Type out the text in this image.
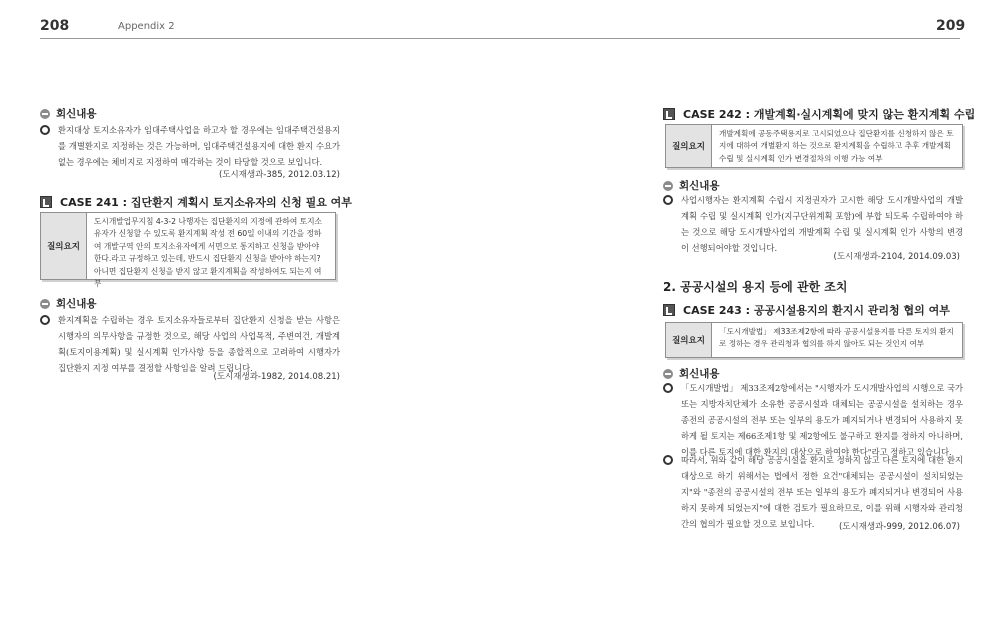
208	Appendix 2
회신내용
환지대상 토지소유자가 임대주택사업을 하고자 할 경우에는 임대주택건설용지를 개별환지로 지정하는 것은 가능하며, 임대주택건설용지에 대한 환지 수요가 없는 경우에는 체비지로 지정하여 매각하는 것이 타당할 것으로 보입니다.
(도시재생과-385, 2012.03.12)
CASE 241 : 집단환지 계획시 토지소유자의 신청 필요 여부
질의요지
도시개발업무지침 4-3-2 나행자는 집단환지의 지정에 관하여 토지소유자가 신청할 수 있도록 환지계획 작성 전 60일 이내의 기간을 정하여 개발구역 안의 토지소유자에게 서면으로 통지하고 신청을 받아야 한다.라고 규정하고 있는데, 반드시 집단환지 신청을 받아야 하는지? 아니면 집단환지 신청을 받지 않고 환지계획을 작성하여도 되는지 여부
회신내용
환지계획을 수립하는 경우 토지소유자들로부터 집단환지 신청을 받는 사항은 시행자의 의무사항을 규정한 것으로, 해당 사업의 사업목적, 주변여건, 개발계획(토지이용계획) 및 실시계획 인가사항 등을 종합적으로 고려하여 시행자가 집단환지 지정 여부를 결정할 사항임을 알려 드립니다.
(도시재생과-1982, 2014.08.21)
209
CASE 242 : 개발계획·실시계획에 맞지 않는 환지계획 수립
질의요지
개발계획에 공동주택용지로 고시되었으나 집단환지를 신청하지 않은 토지에 대하여 개별환지 하는 것으로 환지계획을 수립하고 추후 개발계획 수립 및 실시계획 인가 변경절차의 이행 가능 여부
회신내용
사업시행자는 환지계획 수립시 지정권자가 고시한 해당 도시개발사업의 개발계획 수립 및 실시계획 인가(지구단위계획 포함)에 부합 되도록 수립하여야 하는 것으로 해당 도시개발사업의 개발계획 수립 및 실시계획 인가 사항의 변경이 선행되어야할 것입니다.
(도시재생과-2104, 2014.09.03)
2. 공공시설의 용지 등에 관한 조치
CASE 243 : 공공시설용지의 환지시 관리청 협의 여부
질의요지
「도시개발법」 제33조제2항에 따라 공공시설용지를 다른 토지의 환지로 정하는 경우 관리청과 협의를 하지 않아도 되는 것인지 여부
회신내용
「도시개발법」 제33조제2항에서는 "시행자가 도시개발사업의 시행으로 국가 또는 지방자치단체가 소유한 공공시설과 대체되는 공공시설을 설치하는 경우 종전의 공공시설의 전부 또는 일부의 용도가 폐지되거나 변경되어 사용하지 못하게 될 토지는 제66조제1항 및 제2항에도 불구하고 환지를 정하지 아니하며, 이를 다른 토지에 대한 환지의 대상으로 하여야 한다"라고 정하고 있습니다.
따라서, 위와 같이 해당 공공시설을 환지로 정하지 않고 다른 토지에 대한 환지 대상으로 하기 위해서는 법에서 정한 요건"대체되는 공공시설이 설치되었는지"와 "종전의 공공시설의 전부 또는 일부의 용도가 폐지되거나 변경되어 사용하지 못하게 되었는지"에 대한 검토가 필요하므로, 이를 위해 시행자와 관리청간의 협의가 필요할 것으로 보입니다.	(도시재생과-999, 2012.06.07)
